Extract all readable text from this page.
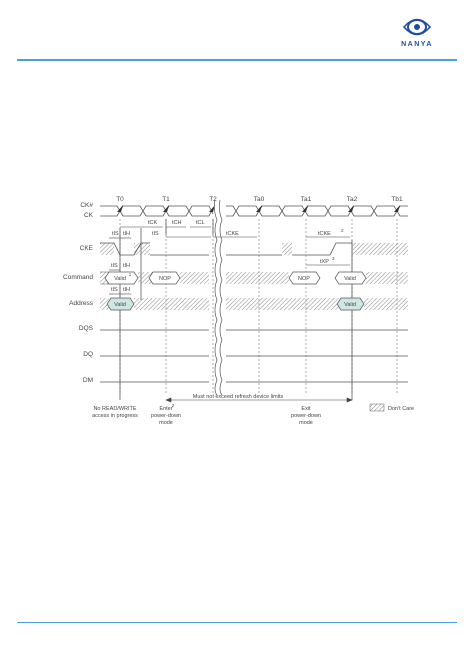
NANYA
T0	T1	T2	Ta0	Ta1	Ta2	Tb1
CK#
CK
CKE
Command
Address
DQS
DQ
DM
tCK	tCH	tCL
tIS tIH	tIS	tCKE	tCKE
2
tXP
3
tIS tIH
tIS tIH
Valid
1
NOP	NOP	Valid
Valid	Valid
No READ/WRITE
access in progress
Enter
2
power-down
mode
Must not exceed refresh device limits
Exit
power-down
mode
Don't Care
